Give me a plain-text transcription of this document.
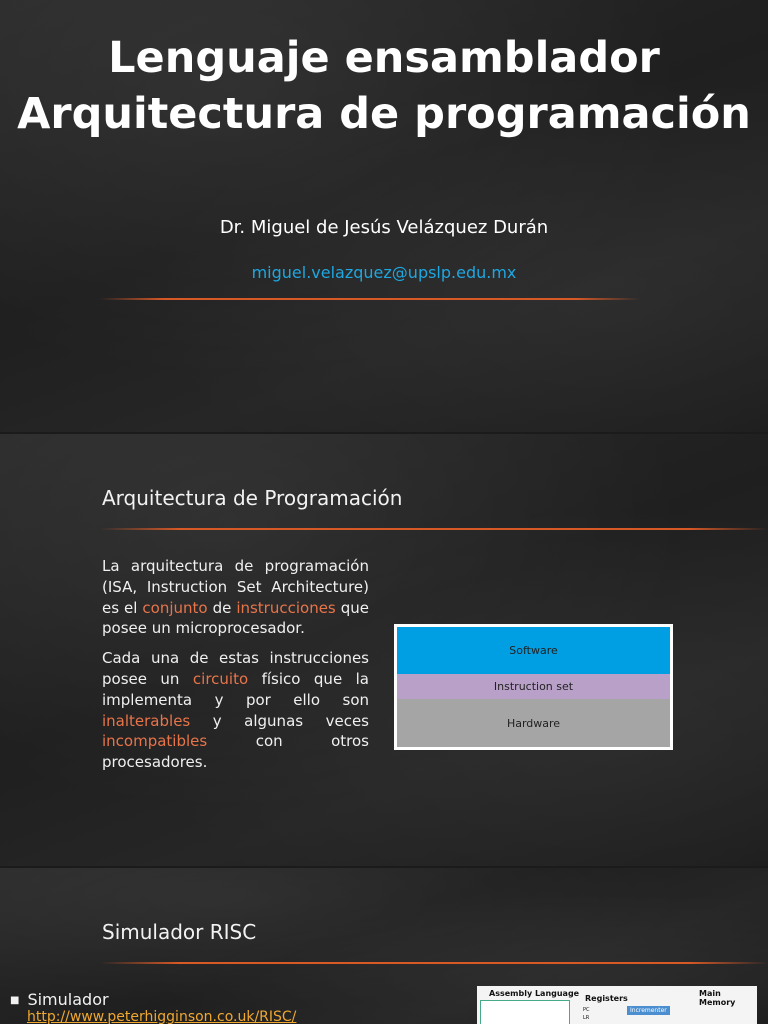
Lenguaje ensamblador
Arquitectura de programación
Dr. Miguel de Jesús Velázquez Durán
miguel.velazquez@upslp.edu.mx
Arquitectura de Programación

La arquitectura de programación (ISA, Instruction Set Architecture) es el conjunto de instrucciones que posee un microprocesador.

Cada una de estas instrucciones posee un circuito físico que la implementa y por ello son inalterables y algunas veces incompatibles con otros procesadores.

Software
Instruction set
Hardware
Simulador RISC
■ Simulador
http://www.peterhigginson.co.uk/RISC/
Assembly Language
Registers
Main Memory
PC
LR
Incrementer
